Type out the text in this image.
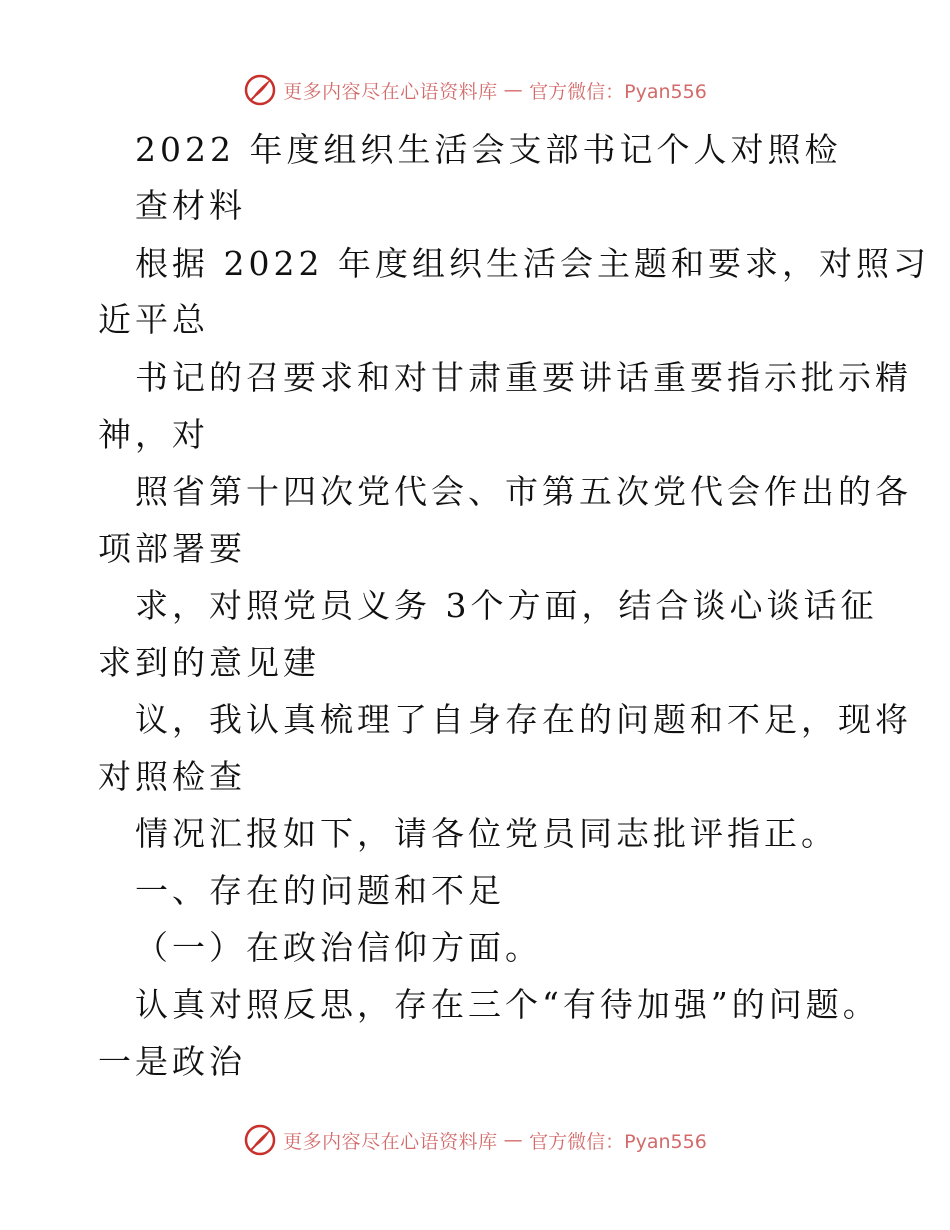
更多内容尽在心语资料库 — 官方微信：Pyan556
2022 年度组织生活会支部书记个人对照检
查材料
根据 2022 年度组织生活会主题和要求，对照习
近平总
书记的召要求和对甘肃重要讲话重要指示批示精
神，对
照省第十四次党代会、市第五次党代会作出的各
项部署要
求，对照党员义务 3个方面，结合谈心谈话征
求到的意见建
议，我认真梳理了自身存在的问题和不足，现将
对照检查
情况汇报如下，请各位党员同志批评指正。
一、存在的问题和不足
（一）在政治信仰方面。
认真对照反思，存在三个“有待加强”的问题。
一是政治
更多内容尽在心语资料库 — 官方微信：Pyan556
